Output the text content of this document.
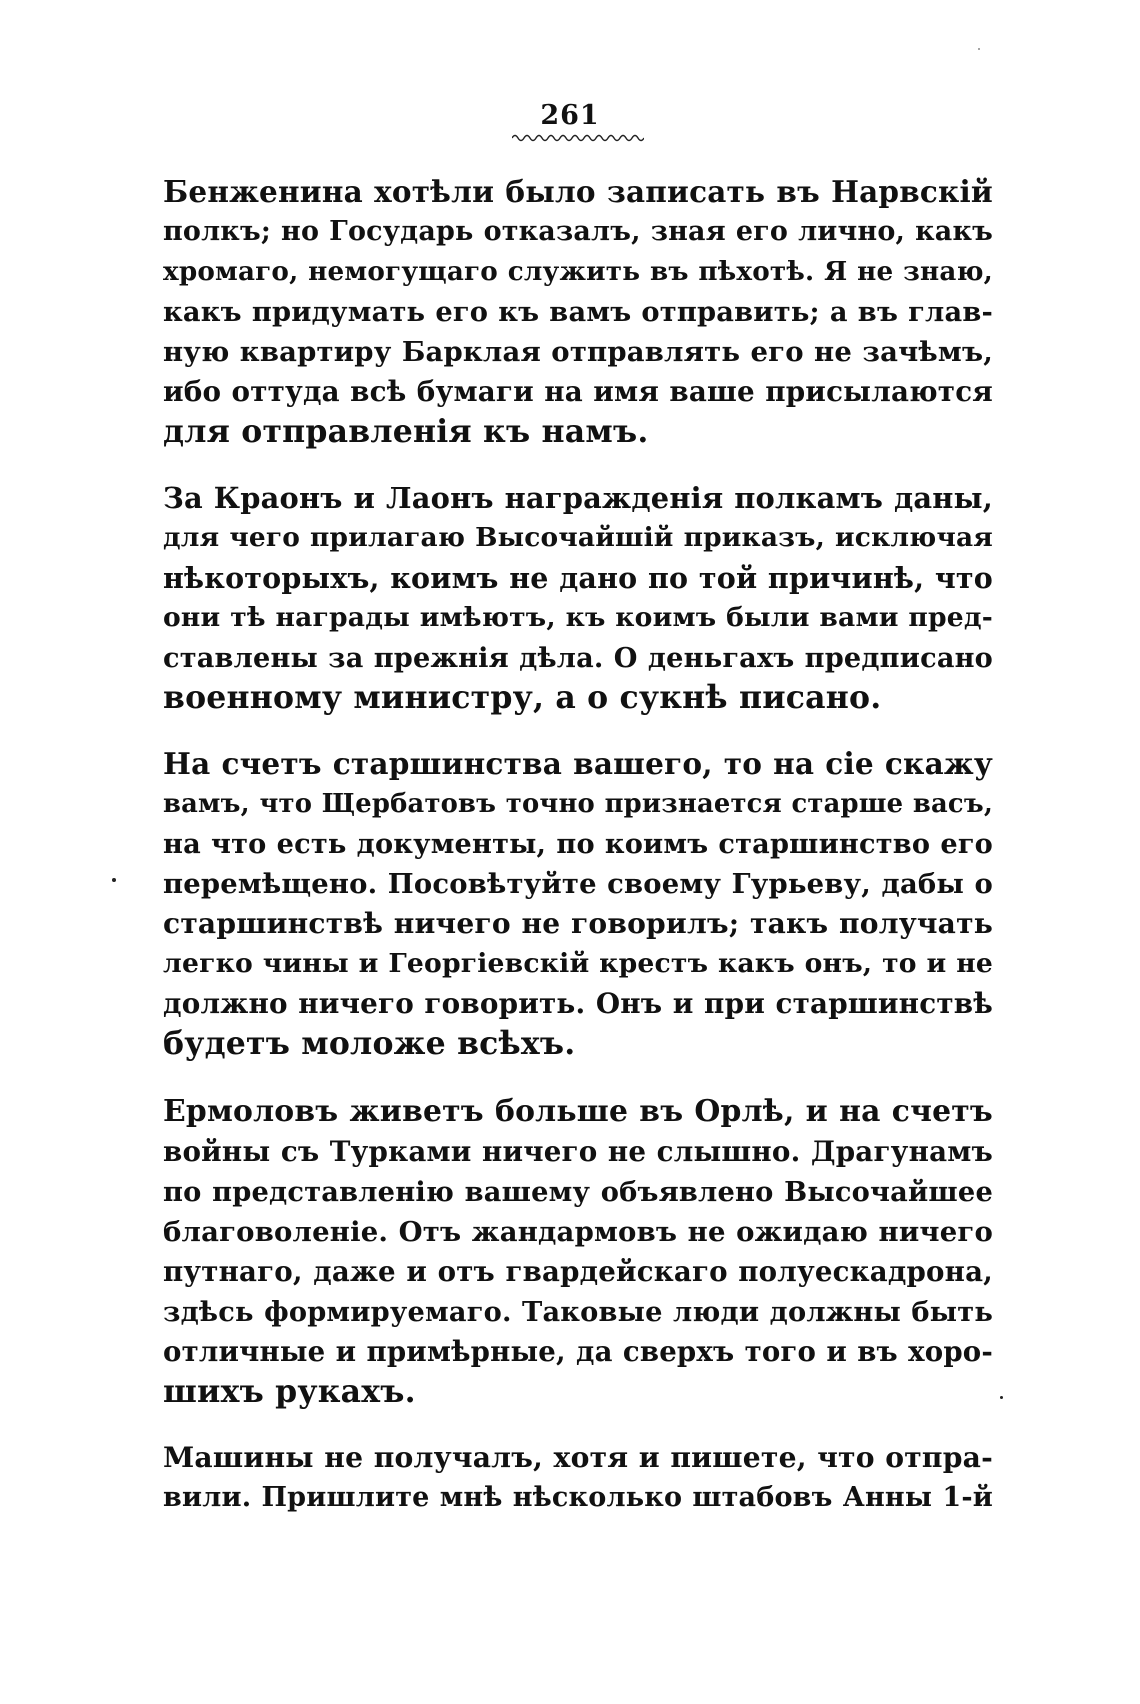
261
Бенженина хотѣли было записать въ Нарвскій
полкъ; но Государь отказалъ, зная его лично, какъ
хромаго, немогущаго служить въ пѣхотѣ. Я не знаю,
какъ придумать его къ вамъ отправить; а въ глав-
ную квартиру Барклая отправлять его не зачѣмъ,
ибо оттуда всѣ бумаги на имя ваше присылаются
для отправленія къ намъ.
За Краонъ и Лаонъ награжденія полкамъ даны,
для чего прилагаю Высочайшій приказъ, исключая
нѣкоторыхъ, коимъ не дано по той причинѣ, что
они тѣ награды имѣютъ, къ коимъ были вами пред-
ставлены за прежнія дѣла. О деньгахъ предписано
военному министру, а о сукнѣ писано.
На счетъ старшинства вашего, то на сіе скажу
вамъ, что Щербатовъ точно признается старше васъ,
на что есть документы, по коимъ старшинство его
перемѣщено. Посовѣтуйте своему Гурьеву, дабы о
старшинствѣ ничего не говорилъ; такъ получать
легко чины и Георгіевскій крестъ какъ онъ, то и не
должно ничего говорить. Онъ и при старшинствѣ
будетъ моложе всѣхъ.
Ермоловъ живетъ больше въ Орлѣ, и на счетъ
войны съ Турками ничего не слышно. Драгунамъ
по представленію вашему объявлено Высочайшее
благоволеніе. Отъ жандармовъ не ожидаю ничего
путнаго, даже и отъ гвардейскаго полуескадрона,
здѣсь формируемаго. Таковые люди должны быть
отличные и примѣрные, да сверхъ того и въ хоро-
шихъ рукахъ.
Машины не получалъ, хотя и пишете, что отпра-
вили. Пришлите мнѣ нѣсколько штабовъ Анны 1-й
